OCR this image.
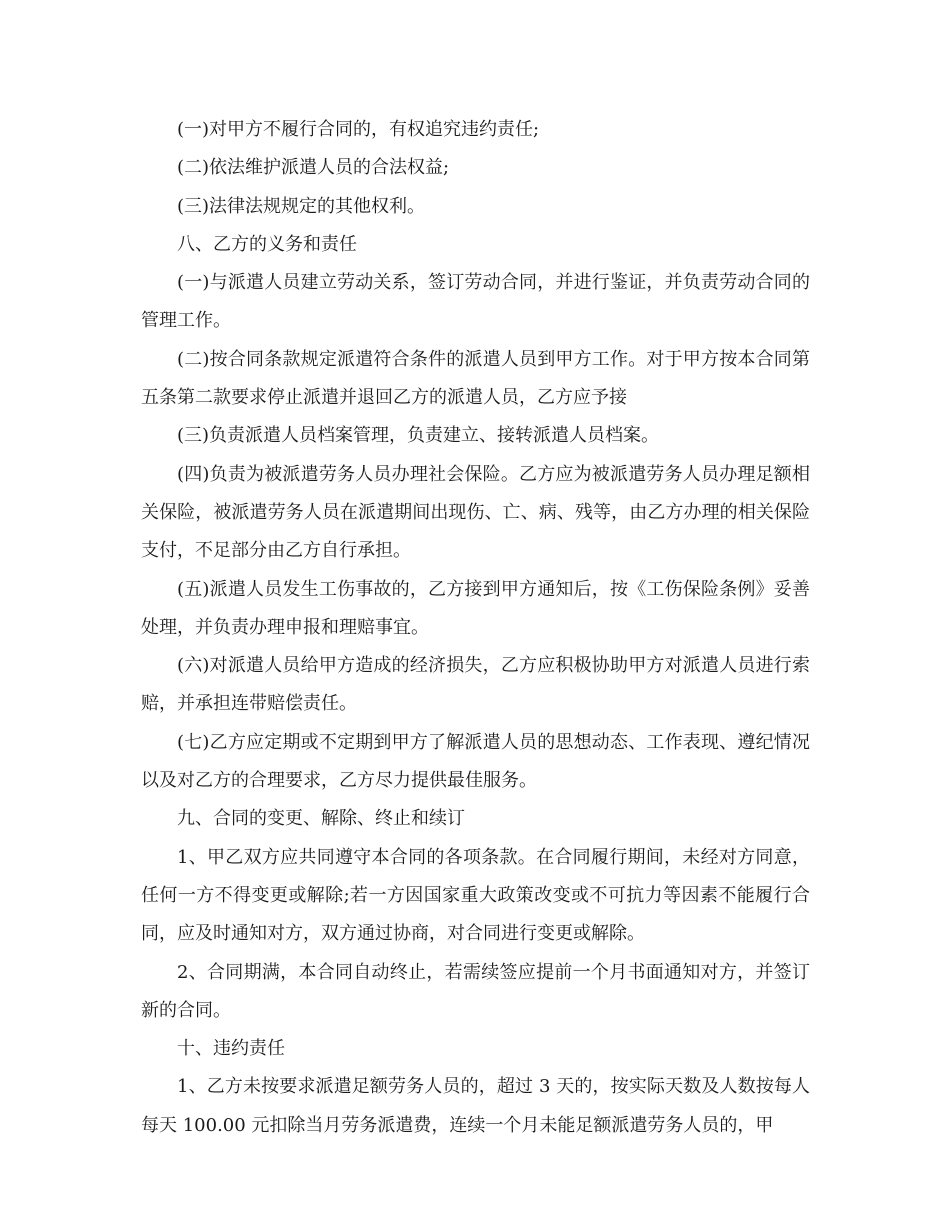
(一)对甲方不履行合同的，有权追究违约责任;

(二)依法维护派遣人员的合法权益;

(三)法律法规规定的其他权利。

八、乙方的义务和责任

(一)与派遣人员建立劳动关系，签订劳动合同，并进行鉴证，并负责劳动合同的管理工作。

(二)按合同条款规定派遣符合条件的派遣人员到甲方工作。对于甲方按本合同第五条第二款要求停止派遣并退回乙方的派遣人员，乙方应予接

(三)负责派遣人员档案管理，负责建立、接转派遣人员档案。

(四)负责为被派遣劳务人员办理社会保险。乙方应为被派遣劳务人员办理足额相关保险，被派遣劳务人员在派遣期间出现伤、亡、病、残等，由乙方办理的相关保险支付，不足部分由乙方自行承担。

(五)派遣人员发生工伤事故的，乙方接到甲方通知后，按《工伤保险条例》妥善处理，并负责办理申报和理赔事宜。

(六)对派遣人员给甲方造成的经济损失，乙方应积极协助甲方对派遣人员进行索赔，并承担连带赔偿责任。

(七)乙方应定期或不定期到甲方了解派遣人员的思想动态、工作表现、遵纪情况以及对乙方的合理要求，乙方尽力提供最佳服务。

九、合同的变更、解除、终止和续订

1、甲乙双方应共同遵守本合同的各项条款。在合同履行期间，未经对方同意，任何一方不得变更或解除;若一方因国家重大政策改变或不可抗力等因素不能履行合同，应及时通知对方，双方通过协商，对合同进行变更或解除。

2、合同期满，本合同自动终止，若需续签应提前一个月书面通知对方，并签订新的合同。

十、违约责任

1、乙方未按要求派遣足额劳务人员的，超过 3 天的，按实际天数及人数按每人每天 100.00 元扣除当月劳务派遣费，连续一个月未能足额派遣劳务人员的，甲
